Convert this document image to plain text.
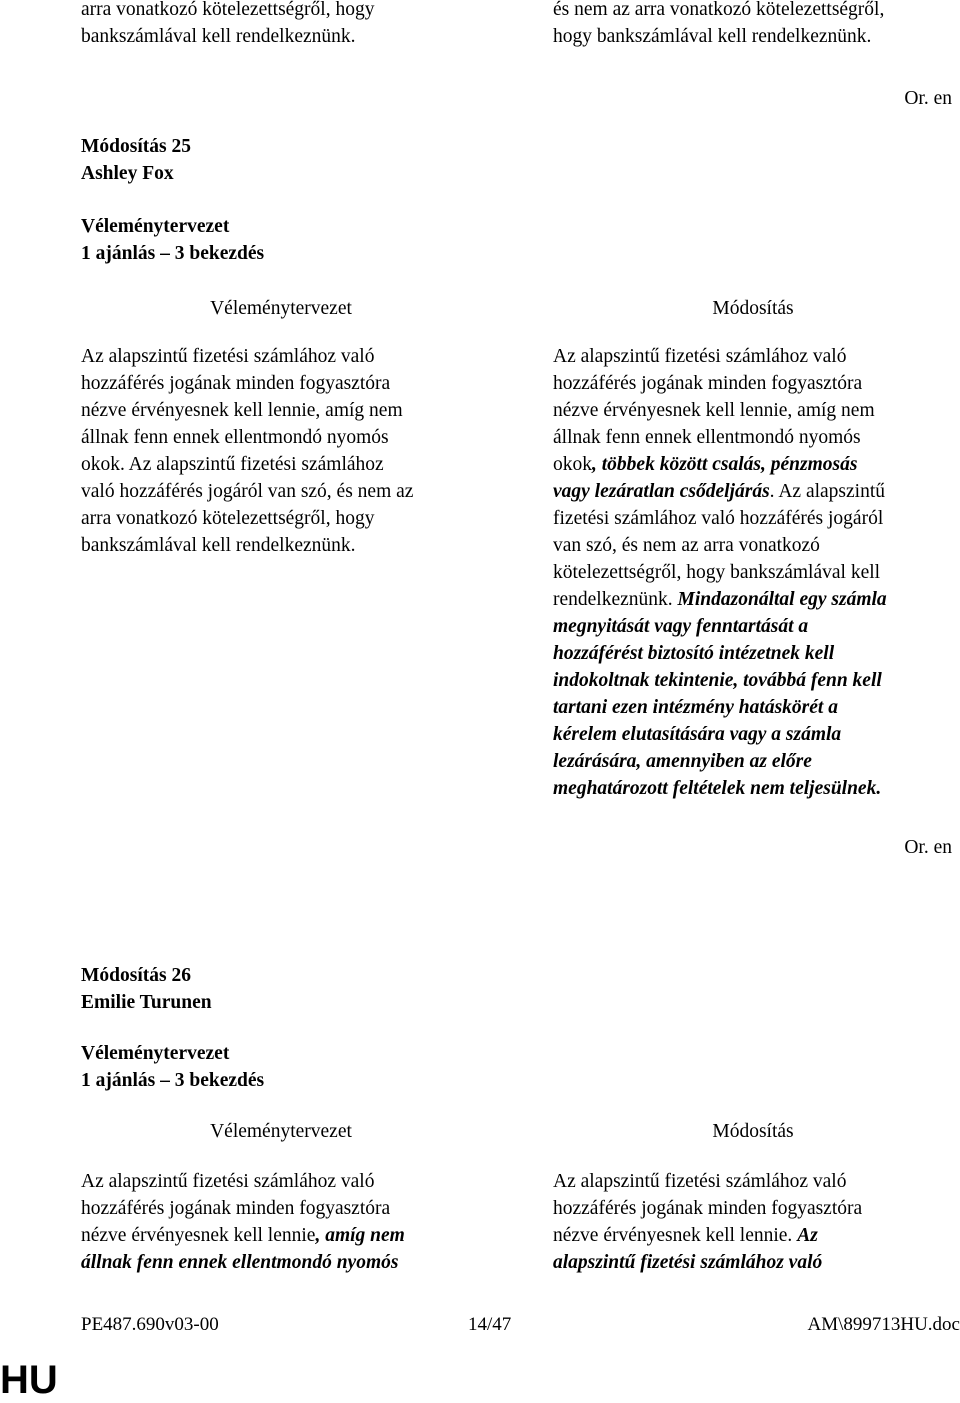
arra vonatkozó kötelezettségről, hogy

bankszámlával kell rendelkeznünk.

és nem az arra vonatkozó kötelezettségről,

hogy bankszámlával kell rendelkeznünk.

Or. en

Módosítás 25

Ashley Fox

Véleménytervezet

1 ajánlás – 3 bekezdés

Véleménytervezet	Módosítás

Az alapszintű fizetési számlához való

hozzáférés jogának minden fogyasztóra

nézve érvényesnek kell lennie, amíg nem

állnak fenn ennek ellentmondó nyomós

okok. Az alapszintű fizetési számlához

való hozzáférés jogáról van szó, és nem az

arra vonatkozó kötelezettségről, hogy

bankszámlával kell rendelkeznünk.

Az alapszintű fizetési számlához való

hozzáférés jogának minden fogyasztóra

nézve érvényesnek kell lennie, amíg nem

állnak fenn ennek ellentmondó nyomós

okok, többek között csalás, pénzmosás

vagy lezáratlan csődeljárás. Az alapszintű

fizetési számlához való hozzáférés jogáról

van szó, és nem az arra vonatkozó

kötelezettségről, hogy bankszámlával kell

rendelkeznünk. Mindazonáltal egy számla

megnyitását vagy fenntartását a

hozzáférést biztosító intézetnek kell

indokoltnak tekintenie, továbbá fenn kell

tartani ezen intézmény hatáskörét a

kérelem elutasítására vagy a számla

lezárására, amennyiben az előre

meghatározott feltételek nem teljesülnek.

Or. en

Módosítás 26

Emilie Turunen

Véleménytervezet

1 ajánlás – 3 bekezdés

Véleménytervezet	Módosítás

Az alapszintű fizetési számlához való

hozzáférés jogának minden fogyasztóra

nézve érvényesnek kell lennie, amíg nem

állnak fenn ennek ellentmondó nyomós

Az alapszintű fizetési számlához való

hozzáférés jogának minden fogyasztóra

nézve érvényesnek kell lennie. Az

alapszintű fizetési számlához való

PE487.690v03-00	14/47	AM\899713HU.doc
HU
